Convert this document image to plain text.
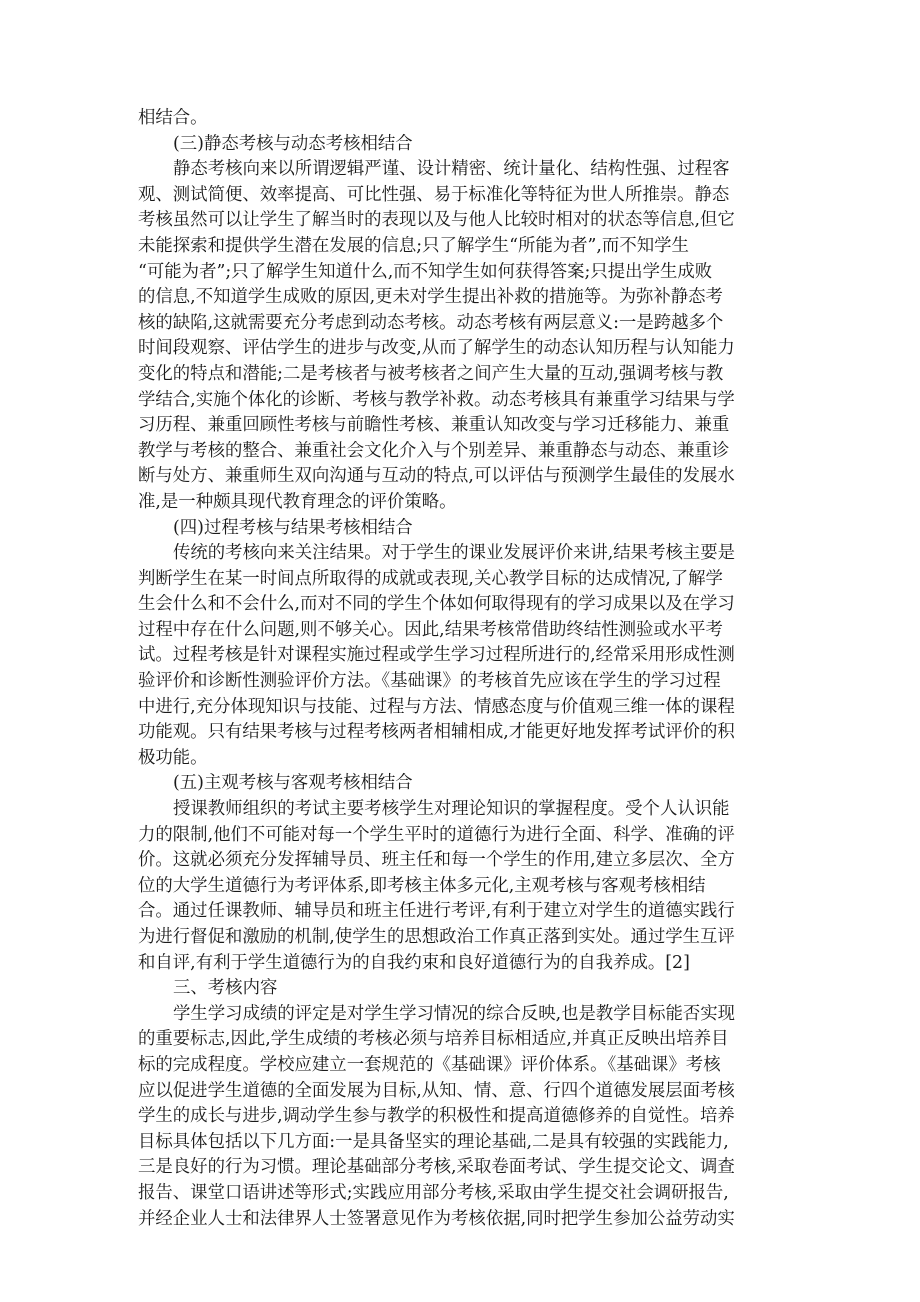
相结合。
(三)静态考核与动态考核相结合
静态考核向来以所谓逻辑严谨、设计精密、统计量化、结构性强、过程客
观、测试简便、效率提高、可比性强、易于标准化等特征为世人所推崇。静态
考核虽然可以让学生了解当时的表现以及与他人比较时相对的状态等信息,但它
未能探索和提供学生潜在发展的信息;只了解学生“所能为者”,而不知学生
“可能为者”;只了解学生知道什么,而不知学生如何获得答案;只提出学生成败
的信息,不知道学生成败的原因,更未对学生提出补救的措施等。为弥补静态考
核的缺陷,这就需要充分考虑到动态考核。动态考核有两层意义:一是跨越多个
时间段观察、评估学生的进步与改变,从而了解学生的动态认知历程与认知能力
变化的特点和潜能;二是考核者与被考核者之间产生大量的互动,强调考核与教
学结合,实施个体化的诊断、考核与教学补救。动态考核具有兼重学习结果与学
习历程、兼重回顾性考核与前瞻性考核、兼重认知改变与学习迁移能力、兼重
教学与考核的整合、兼重社会文化介入与个别差异、兼重静态与动态、兼重诊
断与处方、兼重师生双向沟通与互动的特点,可以评估与预测学生最佳的发展水
准,是一种颇具现代教育理念的评价策略。
(四)过程考核与结果考核相结合
传统的考核向来关注结果。对于学生的课业发展评价来讲,结果考核主要是
判断学生在某一时间点所取得的成就或表现,关心教学目标的达成情况,了解学
生会什么和不会什么,而对不同的学生个体如何取得现有的学习成果以及在学习
过程中存在什么问题,则不够关心。因此,结果考核常借助终结性测验或水平考
试。过程考核是针对课程实施过程或学生学习过程所进行的,经常采用形成性测
验评价和诊断性测验评价方法。《基础课》的考核首先应该在学生的学习过程
中进行,充分体现知识与技能、过程与方法、情感态度与价值观三维一体的课程
功能观。只有结果考核与过程考核两者相辅相成,才能更好地发挥考试评价的积
极功能。
(五)主观考核与客观考核相结合
授课教师组织的考试主要考核学生对理论知识的掌握程度。受个人认识能
力的限制,他们不可能对每一个学生平时的道德行为进行全面、科学、准确的评
价。这就必须充分发挥辅导员、班主任和每一个学生的作用,建立多层次、全方
位的大学生道德行为考评体系,即考核主体多元化,主观考核与客观考核相结
合。通过任课教师、辅导员和班主任进行考评,有利于建立对学生的道德实践行
为进行督促和激励的机制,使学生的思想政治工作真正落到实处。通过学生互评
和自评,有利于学生道德行为的自我约束和良好道德行为的自我养成。[2]
三、考核内容
学生学习成绩的评定是对学生学习情况的综合反映,也是教学目标能否实现
的重要标志,因此,学生成绩的考核必须与培养目标相适应,并真正反映出培养目
标的完成程度。学校应建立一套规范的《基础课》评价体系。《基础课》考核
应以促进学生道德的全面发展为目标,从知、情、意、行四个道德发展层面考核
学生的成长与进步,调动学生参与教学的积极性和提高道德修养的自觉性。培养
目标具体包括以下几方面:一是具备坚实的理论基础,二是具有较强的实践能力,
三是良好的行为习惯。理论基础部分考核,采取卷面考试、学生提交论文、调查
报告、课堂口语讲述等形式;实践应用部分考核,采取由学生提交社会调研报告,
并经企业人士和法律界人士签署意见作为考核依据,同时把学生参加公益劳动实
